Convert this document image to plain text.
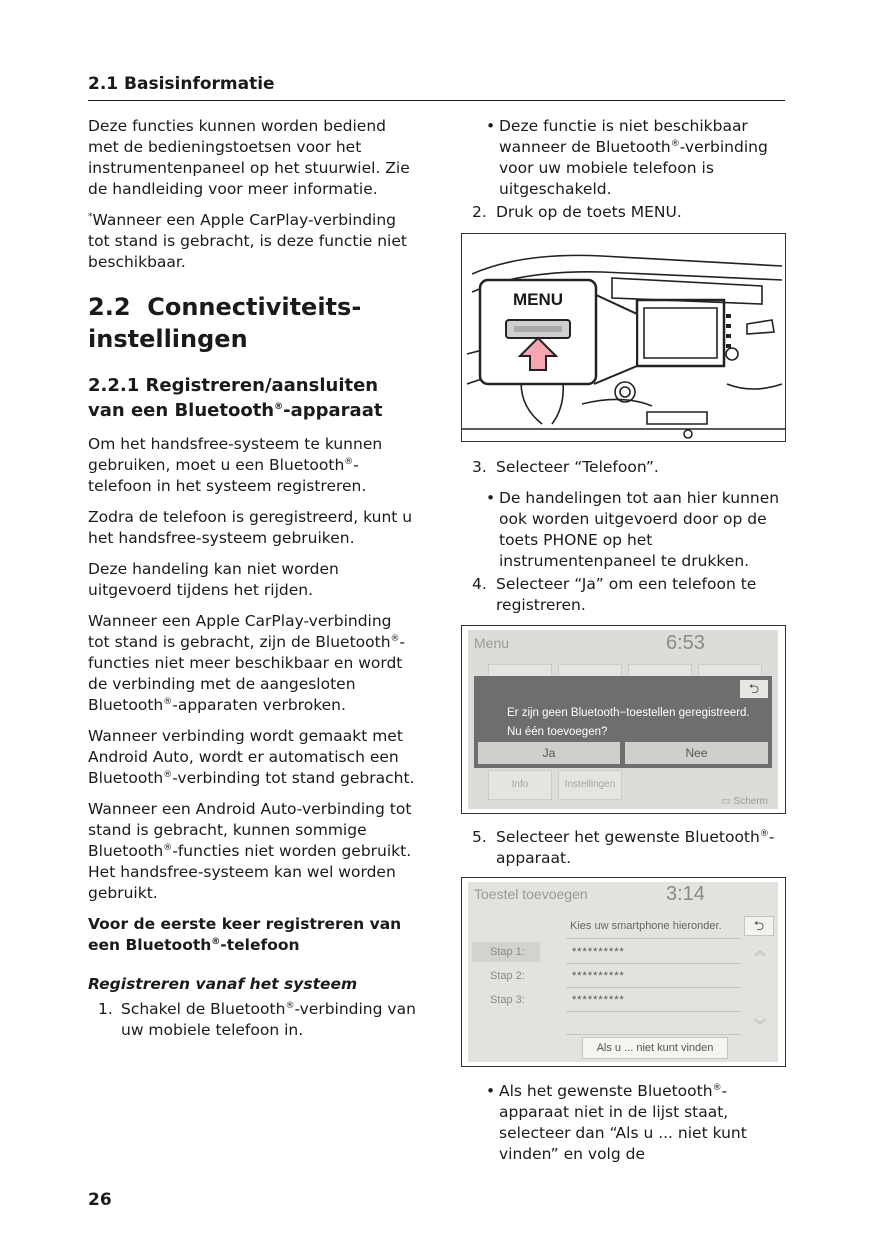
2.1 Basisinformatie

Deze functies kunnen worden bediend met de bedieningstoetsen voor het instrumentenpaneel op het stuurwiel. Zie de handleiding voor meer informatie.

*Wanneer een Apple CarPlay-verbinding tot stand is gebracht, is deze functie niet beschikbaar.

2.2 Connectiviteits-
instellingen
2.2.1 Registreren/aansluiten van een Bluetooth®-apparaat

Om het handsfree-systeem te kunnen gebruiken, moet u een Bluetooth®-telefoon in het systeem registreren.

Zodra de telefoon is geregistreerd, kunt u het handsfree-systeem gebruiken.

Deze handeling kan niet worden uitgevoerd tijdens het rijden.

Wanneer een Apple CarPlay-verbinding tot stand is gebracht, zijn de Bluetooth®-functies niet meer beschikbaar en wordt de verbinding met de aangesloten Bluetooth®-apparaten verbroken.

Wanneer verbinding wordt gemaakt met Android Auto, wordt er automatisch een Bluetooth®-verbinding tot stand gebracht.

Wanneer een Android Auto-verbinding tot stand is gebracht, kunnen sommige Bluetooth®-functies niet worden gebruikt. Het handsfree-systeem kan wel worden gebruikt.

Voor de eerste keer registreren van een Bluetooth®-telefoon

Registreren vanaf het systeem

1. Schakel de Bluetooth®-verbinding van uw mobiele telefoon in.
• Deze functie is niet beschikbaar wanneer de Bluetooth®-verbinding voor uw mobiele telefoon is uitgeschakeld.
2. Druk op de toets MENU.
MENU
3. Selecteer “Telefoon”.
• De handelingen tot aan hier kunnen ook worden uitgevoerd door op de toets PHONE op het instrumentenpaneel te drukken.
4. Selecteer “Ja” om een telefoon te registreren.
Menu	6:53
⮌
Er zijn geen Bluetooth−toestellen geregistreerd.
Nu één toevoegen?
Ja	Nee
Info	Instellingen
▭ Scherm
5. Selecteer het gewenste Bluetooth®-apparaat.
Toestel toevoegen	3:14
Kies uw smartphone hieronder.	⮌
Stap 1:	**********
Stap 2:	**********
Stap 3:	**********
︽
︾
Als u ... niet kunt vinden
• Als het gewenste Bluetooth®-apparaat niet in de lijst staat, selecteer dan “Als u ... niet kunt vinden” en volg de
26
